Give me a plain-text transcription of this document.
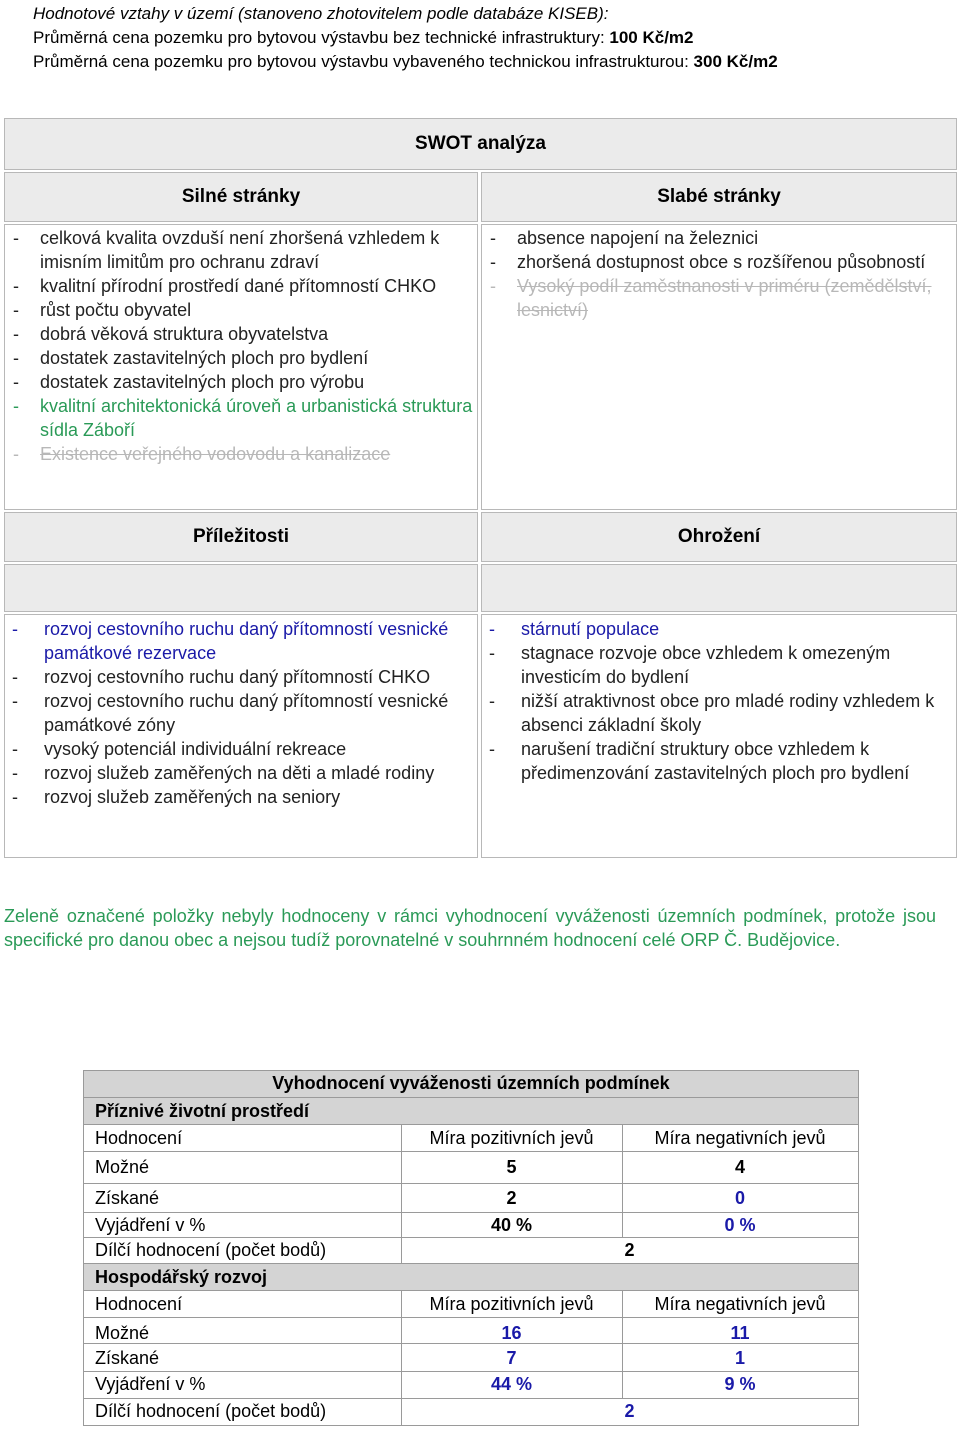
Hodnotové vztahy v území (stanoveno zhotovitelem podle databáze KISEB):
Průměrná cena pozemku pro bytovou výstavbu bez technické infrastruktury: 100 Kč/m2
Průměrná cena pozemku pro bytovou výstavbu vybaveného technickou infrastrukturou: 300 Kč/m2
SWOT analýza
Silné stránky	Slabé stránky
- celková kvalita ovzduší není zhoršená vzhledem k imisním limitům pro ochranu zdraví
- kvalitní přírodní prostředí dané přítomností CHKO
- růst počtu obyvatel
- dobrá věková struktura obyvatelstva
- dostatek zastavitelných ploch pro bydlení
- dostatek zastavitelných ploch pro výrobu
- kvalitní architektonická úroveň a urbanistická struktura sídla Záboří
- Existence veřejného vodovodu a kanalizace
- absence napojení na železnici
- zhoršená dostupnost obce s rozšířenou působností
- Vysoký podíl zaměstnanosti v priméru (zemědělství, lesnictví)
Příležitosti	Ohrožení
- rozvoj cestovního ruchu daný přítomností vesnické památkové rezervace
- rozvoj cestovního ruchu daný přítomností CHKO
- rozvoj cestovního ruchu daný přítomností vesnické památkové zóny
- vysoký potenciál individuální rekreace
- rozvoj služeb zaměřených na děti a mladé rodiny
- rozvoj služeb zaměřených na seniory
- stárnutí populace
- stagnace rozvoje obce vzhledem k omezeným investicím do bydlení
- nižší atraktivnost obce pro mladé rodiny vzhledem k absenci základní školy
- narušení tradiční struktury obce vzhledem k předimenzování zastavitelných ploch pro bydlení
Zeleně označené položky nebyly hodnoceny v rámci vyhodnocení vyváženosti územních podmínek, protože jsou specifické pro danou obec a nejsou tudíž porovnatelné v souhrnném hodnocení celé ORP Č. Budějovice.
Vyhodnocení vyváženosti územních podmínek
Příznivé životní prostředí
Hodnocení	Míra pozitivních jevů	Míra negativních jevů
Možné	5	4
Získané	2	0
Vyjádření v %	40 %	0 %
Dílčí hodnocení (počet bodů)	2
Hospodářský rozvoj
Hodnocení	Míra pozitivních jevů	Míra negativních jevů
Možné	16	11
Získané	7	1
Vyjádření v %	44 %	9 %
Dílčí hodnocení (počet bodů)	2
